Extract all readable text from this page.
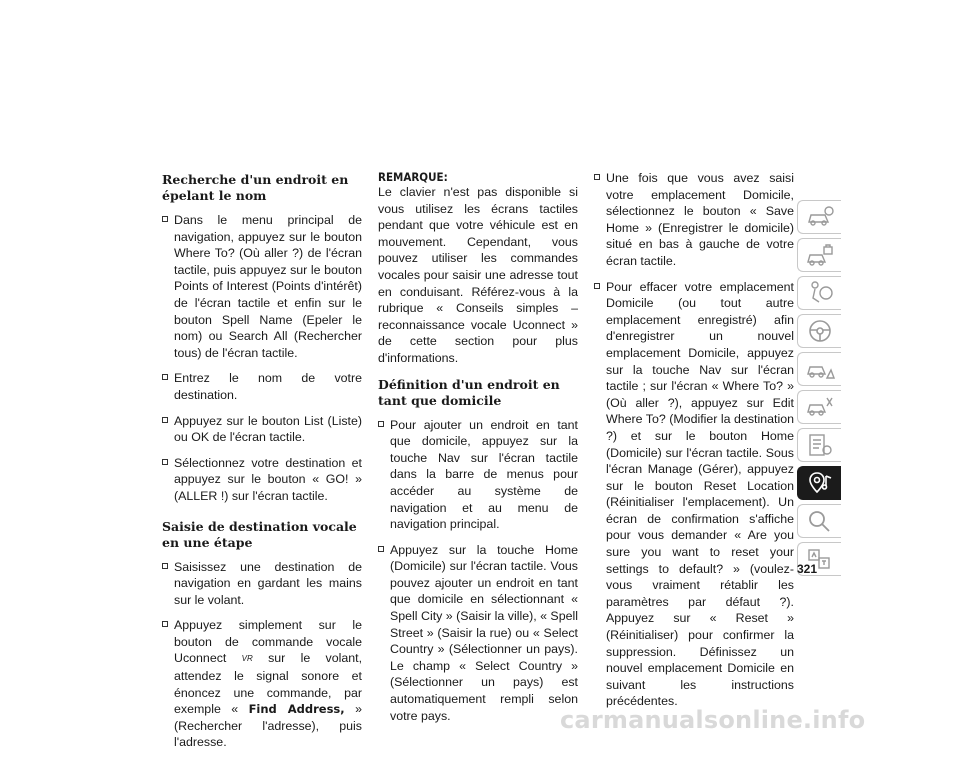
Recherche d'un endroit en épelant le nom
Dans le menu principal de navigation, appuyez sur le bouton Where To? (Où aller ?) de l'écran tactile, puis appuyez sur le bouton Points of Interest (Points d'intérêt) de l'écran tactile et enfin sur le bouton Spell Name (Epeler le nom) ou Search All (Rechercher tous) de l'écran tactile.
Entrez le nom de votre destination.
Appuyez sur le bouton List (Liste) ou OK de l'écran tactile.
Sélectionnez votre destination et appuyez sur le bouton « GO! » (ALLER !) sur l'écran tactile.
Saisie de destination vocale en une étape
Saisissez une destination de navigation en gardant les mains sur le volant.
Appuyez simplement sur le bouton de commande vocale Uconnect VR sur le volant, attendez le signal sonore et énoncez une commande, par exemple « Find Address, » (Rechercher l'adresse), puis l'adresse.
REMARQUE:
Le clavier n'est pas disponible si vous utilisez les écrans tactiles pendant que votre véhicule est en mouvement. Cependant, vous pouvez utiliser les commandes vocales pour saisir une adresse tout en conduisant. Référez-vous à la rubrique « Conseils simples – reconnaissance vocale Uconnect » de cette section pour plus d'informations.
Définition d'un endroit en tant que domicile
Pour ajouter un endroit en tant que domicile, appuyez sur la touche Nav sur l'écran tactile dans la barre de menus pour accéder au système de navigation et au menu de navigation principal.
Appuyez sur la touche Home (Domicile) sur l'écran tactile. Vous pouvez ajouter un endroit en tant que domicile en sélectionnant « Spell City » (Saisir la ville), « Spell Street » (Saisir la rue) ou « Select Country » (Sélectionner un pays). Le champ « Select Country » (Sélectionner un pays) est automatiquement rempli selon votre pays.
Une fois que vous avez saisi votre emplacement Domicile, sélectionnez le bouton « Save Home » (Enregistrer le domicile) situé en bas à gauche de votre écran tactile.
Pour effacer votre emplacement Domicile (ou tout autre emplacement enregistré) afin d'enregistrer un nouvel emplacement Domicile, appuyez sur la touche Nav sur l'écran tactile ; sur l'écran « Where To? » (Où aller ?), appuyez sur Edit Where To? (Modifier la destination ?) et sur le bouton Home (Domicile) sur l'écran tactile. Sous l'écran Manage (Gérer), appuyez sur le bouton Reset Location (Réinitialiser l'emplacement). Un écran de confirmation s'affiche pour vous demander « Are you sure you want to reset your settings to default? » (voulez-vous vraiment rétablir les paramètres par défaut ?). Appuyez sur « Reset » (Réinitialiser) pour confirmer la suppression. Définissez un nouvel emplacement Domicile en suivant les instructions précédentes.
321
carmanualsonline.info
